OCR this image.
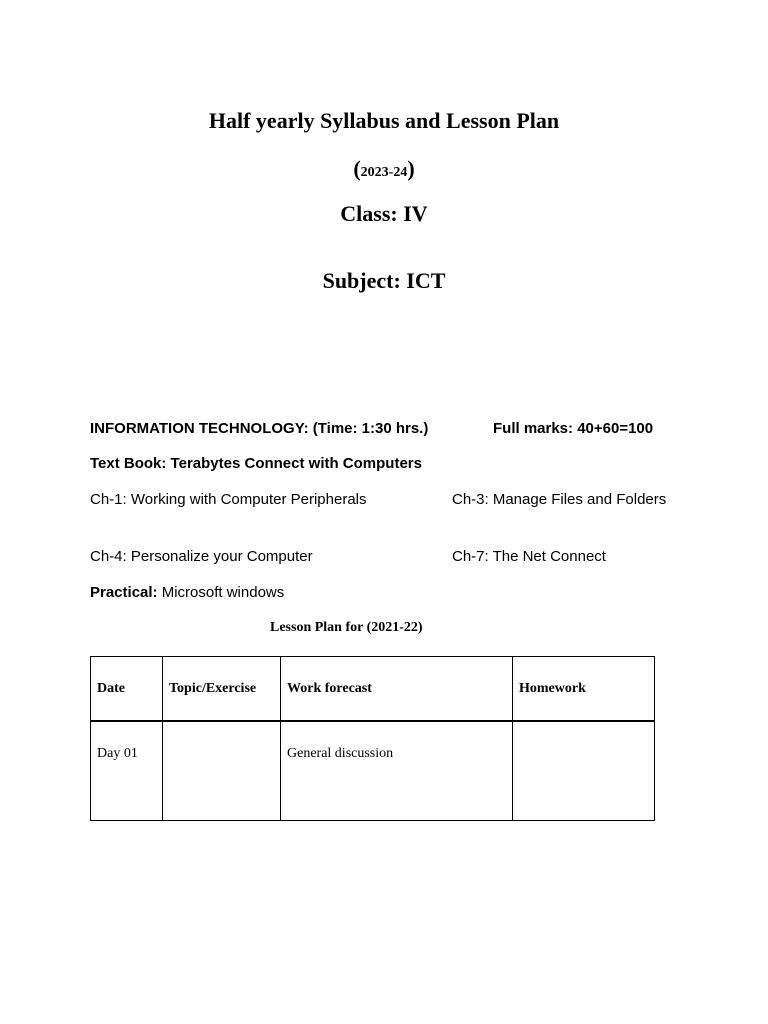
Half yearly Syllabus and Lesson Plan
(2023-24)
Class: IV
Subject: ICT
INFORMATION TECHNOLOGY: (Time: 1:30 hrs.)	Full marks: 40+60=100
Text Book: Terabytes Connect with Computers
Ch-1: Working with Computer Peripherals	Ch-3: Manage Files and Folders
Ch-4: Personalize your Computer	Ch-7: The Net Connect
Practical: Microsoft windows
Lesson Plan for (2021-22)
Date	Topic/Exercise	Work forecast	Homework
Day 01		General discussion	
